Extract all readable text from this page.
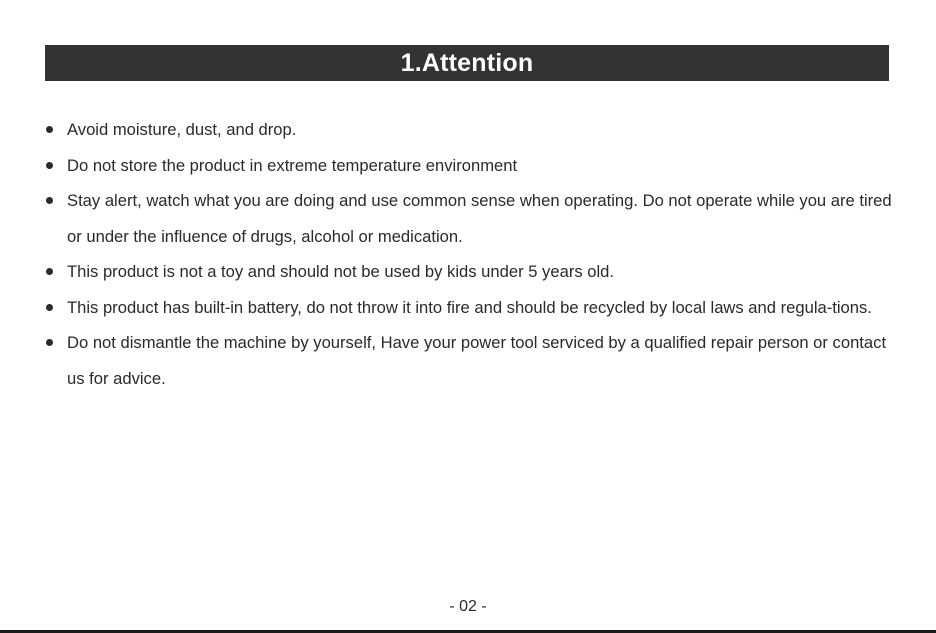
1.Attention
Avoid moisture, dust, and drop.
Do not store the product in extreme temperature environment
Stay alert, watch what you are doing and use common sense when operating. Do not operate while you are tired or under the influence of drugs, alcohol or medication.
This product is not a toy and should not be used by kids under 5 years old.
This product has built-in battery, do not throw it into fire and should be recycled by local laws and regula-tions.
Do not dismantle the machine by yourself, Have your power tool serviced by a qualified repair person or contact us for advice.
- 02 -
